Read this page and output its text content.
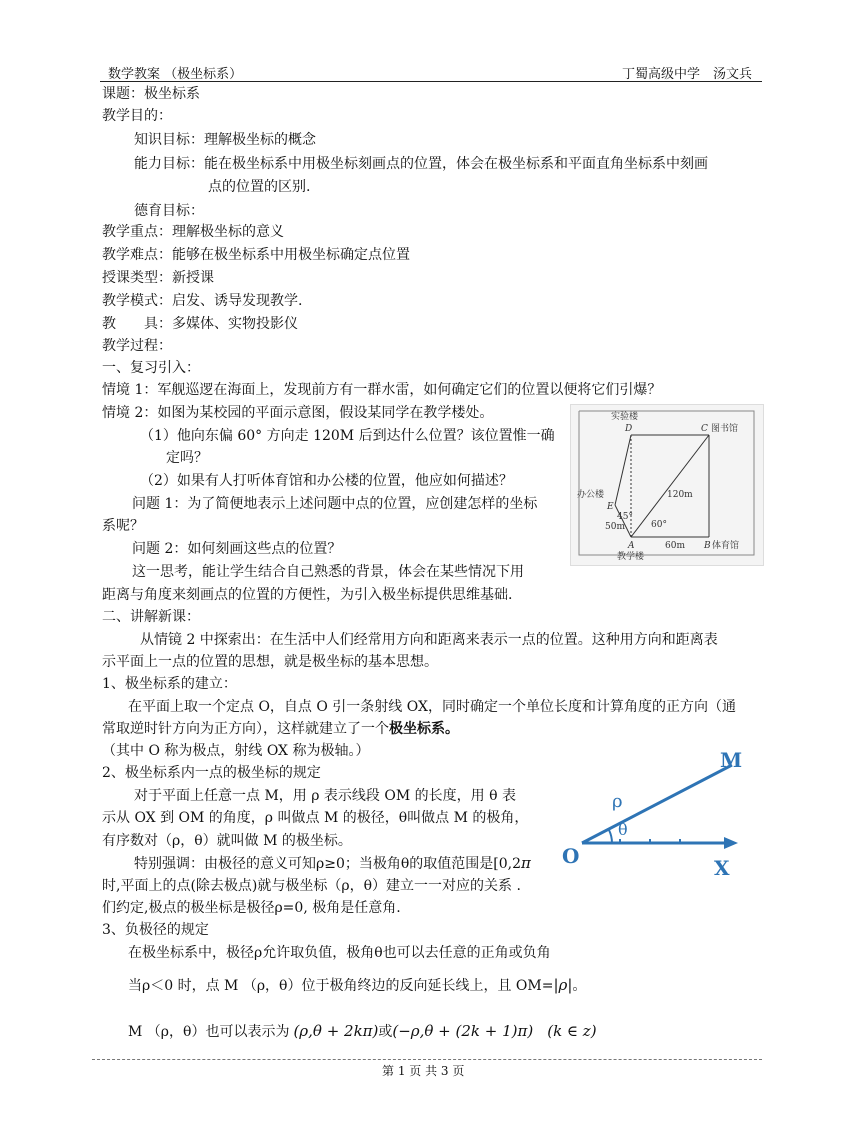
数学教案 （极坐标系）	丁蜀高级中学　汤文兵
课题：极坐标系
教学目的：
知识目标：理解极坐标的概念
能力目标：能在极坐标系中用极坐标刻画点的位置，体会在极坐标系和平面直角坐标系中刻画
点的位置的区别.
德育目标：
教学重点：理解极坐标的意义
教学难点：能够在极坐标系中用极坐标确定点位置
授课类型：新授课
教学模式：启发、诱导发现教学.
教　　具：多媒体、实物投影仪
教学过程：
一、复习引入：
情境 1：军舰巡逻在海面上，发现前方有一群水雷，如何确定它们的位置以便将它们引爆？
情境 2：如图为某校园的平面示意图，假设某同学在教学楼处。
（1）他向东偏 60° 方向走 120M 后到达什么位置？该位置惟一确
定吗？
（2）如果有人打听体育馆和办公楼的位置，他应如何描述？
问题 1：为了简便地表示上述问题中点的位置，应创建怎样的坐标
系呢？
问题 2：如何刻画这些点的位置？
这一思考，能让学生结合自己熟悉的背景，体会在某些情况下用
距离与角度来刻画点的位置的方便性，为引入极坐标提供思维基础.
二、讲解新课：
从情镜 2 中探索出：在生活中人们经常用方向和距离来表示一点的位置。这种用方向和距离表
示平面上一点的位置的思想，就是极坐标的基本思想。
1、极坐标系的建立：
在平面上取一个定点 O，自点 O 引一条射线 OX，同时确定一个单位长度和计算角度的正方向（通
常取逆时针方向为正方向），这样就建立了一个极坐标系。
（其中 O 称为极点，射线 OX 称为极轴。）
2、极坐标系内一点的极坐标的规定
对于平面上任意一点 M，用 ρ 表示线段 OM 的长度，用 θ 表
示从 OX 到 OM 的角度，ρ 叫做点 M 的极径，θ叫做点 M 的极角，
有序数对（ρ，θ）就叫做 M 的极坐标。
特别强调：由极径的意义可知ρ≥0；当极角θ的取值范围是[0,2π
时,平面上的点(除去极点)就与极坐标（ρ，θ）建立一一对应的关系 .
们约定,极点的极坐标是极径ρ=0, 极角是任意角.
3、负极径的规定
在极坐标系中，极径ρ允许取负值，极角θ也可以去任意的正角或负角
当ρ＜0 时，点 M （ρ，θ）位于极角终边的反向延长线上，且 OM=|ρ|。
M （ρ，θ）也可以表示为 (ρ,θ + 2kπ)或(−ρ,θ + (2k + 1)π) (k ∈ z)
实验楼
D	C 图书馆
办公楼
E
120m
45°
60°
50m
A	60m B 体育馆
教学楼
M
O	X
ρ
θ
第 1 页 共 3 页
